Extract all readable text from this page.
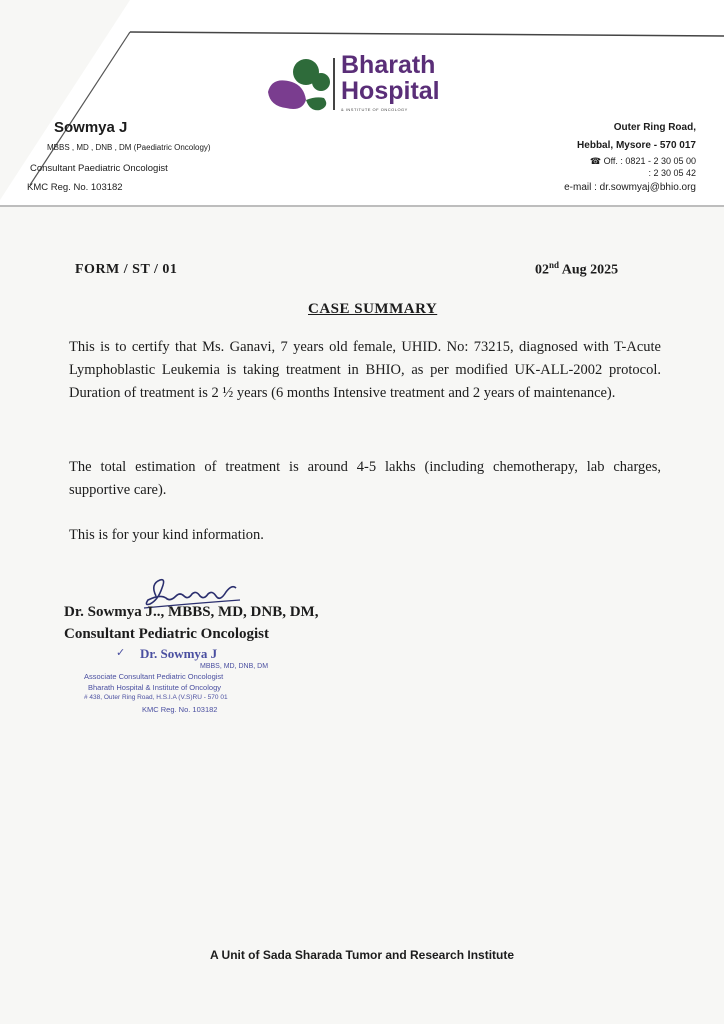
Bharath
Hospital
& INSTITUTE OF ONCOLOGY
Sowmya J
MBBS , MD , DNB , DM (Paediatric Oncology)
Consultant Paediatric Oncologist
KMC Reg. No. 103182
Outer Ring Road,
Hebbal, Mysore - 570 017
☎ Off. : 0821 - 2 30 05 00
: 2 30 05 42
e-mail : dr.sowmyaj@bhio.org
FORM / ST / 01	02nd Aug 2025
CASE SUMMARY
This is to certify that Ms. Ganavi, 7 years old female, UHID. No: 73215, diagnosed with T-Acute Lymphoblastic Leukemia is taking treatment in BHIO, as per modified UK-ALL-2002 protocol. Duration of treatment is 2 ½ years (6 months Intensive treatment and 2 years of maintenance).
The total estimation of treatment is around 4-5 lakhs (including chemotherapy, lab charges, supportive care).
This is for your kind information.
Dr. Sowmya J.., MBBS, MD, DNB, DM,
Consultant Pediatric Oncologist
✓ Dr. Sowmya J
MBBS, MD, DNB, DM
Associate Consultant Pediatric Oncologist
Bharath Hospital & Institute of Oncology
# 438, Outer Ring Road, H.S.I.A (V.S)RU - 570 01
KMC Reg. No. 103182
A Unit of Sada Sharada Tumor and Research Institute
